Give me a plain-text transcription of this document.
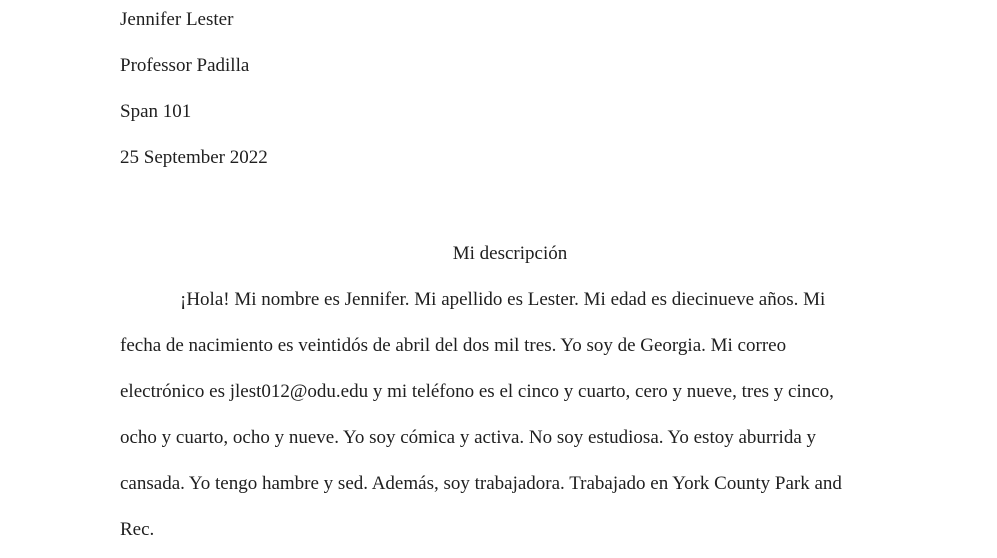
Jennifer Lester
Professor Padilla
Span 101
25 September 2022
Mi descripción
¡Hola! Mi nombre es Jennifer. Mi apellido es Lester. Mi edad es diecinueve años. Mi
fecha de nacimiento es veintidós de abril del dos mil tres. Yo soy de Georgia. Mi correo
electrónico es jlest012@odu.edu y mi teléfono es el cinco y cuarto, cero y nueve, tres y cinco,
ocho y cuarto, ocho y nueve. Yo soy cómica y activa. No soy estudiosa. Yo estoy aburrida y
cansada. Yo tengo hambre y sed. Además, soy trabajadora. Trabajado en York County Park and
Rec.
